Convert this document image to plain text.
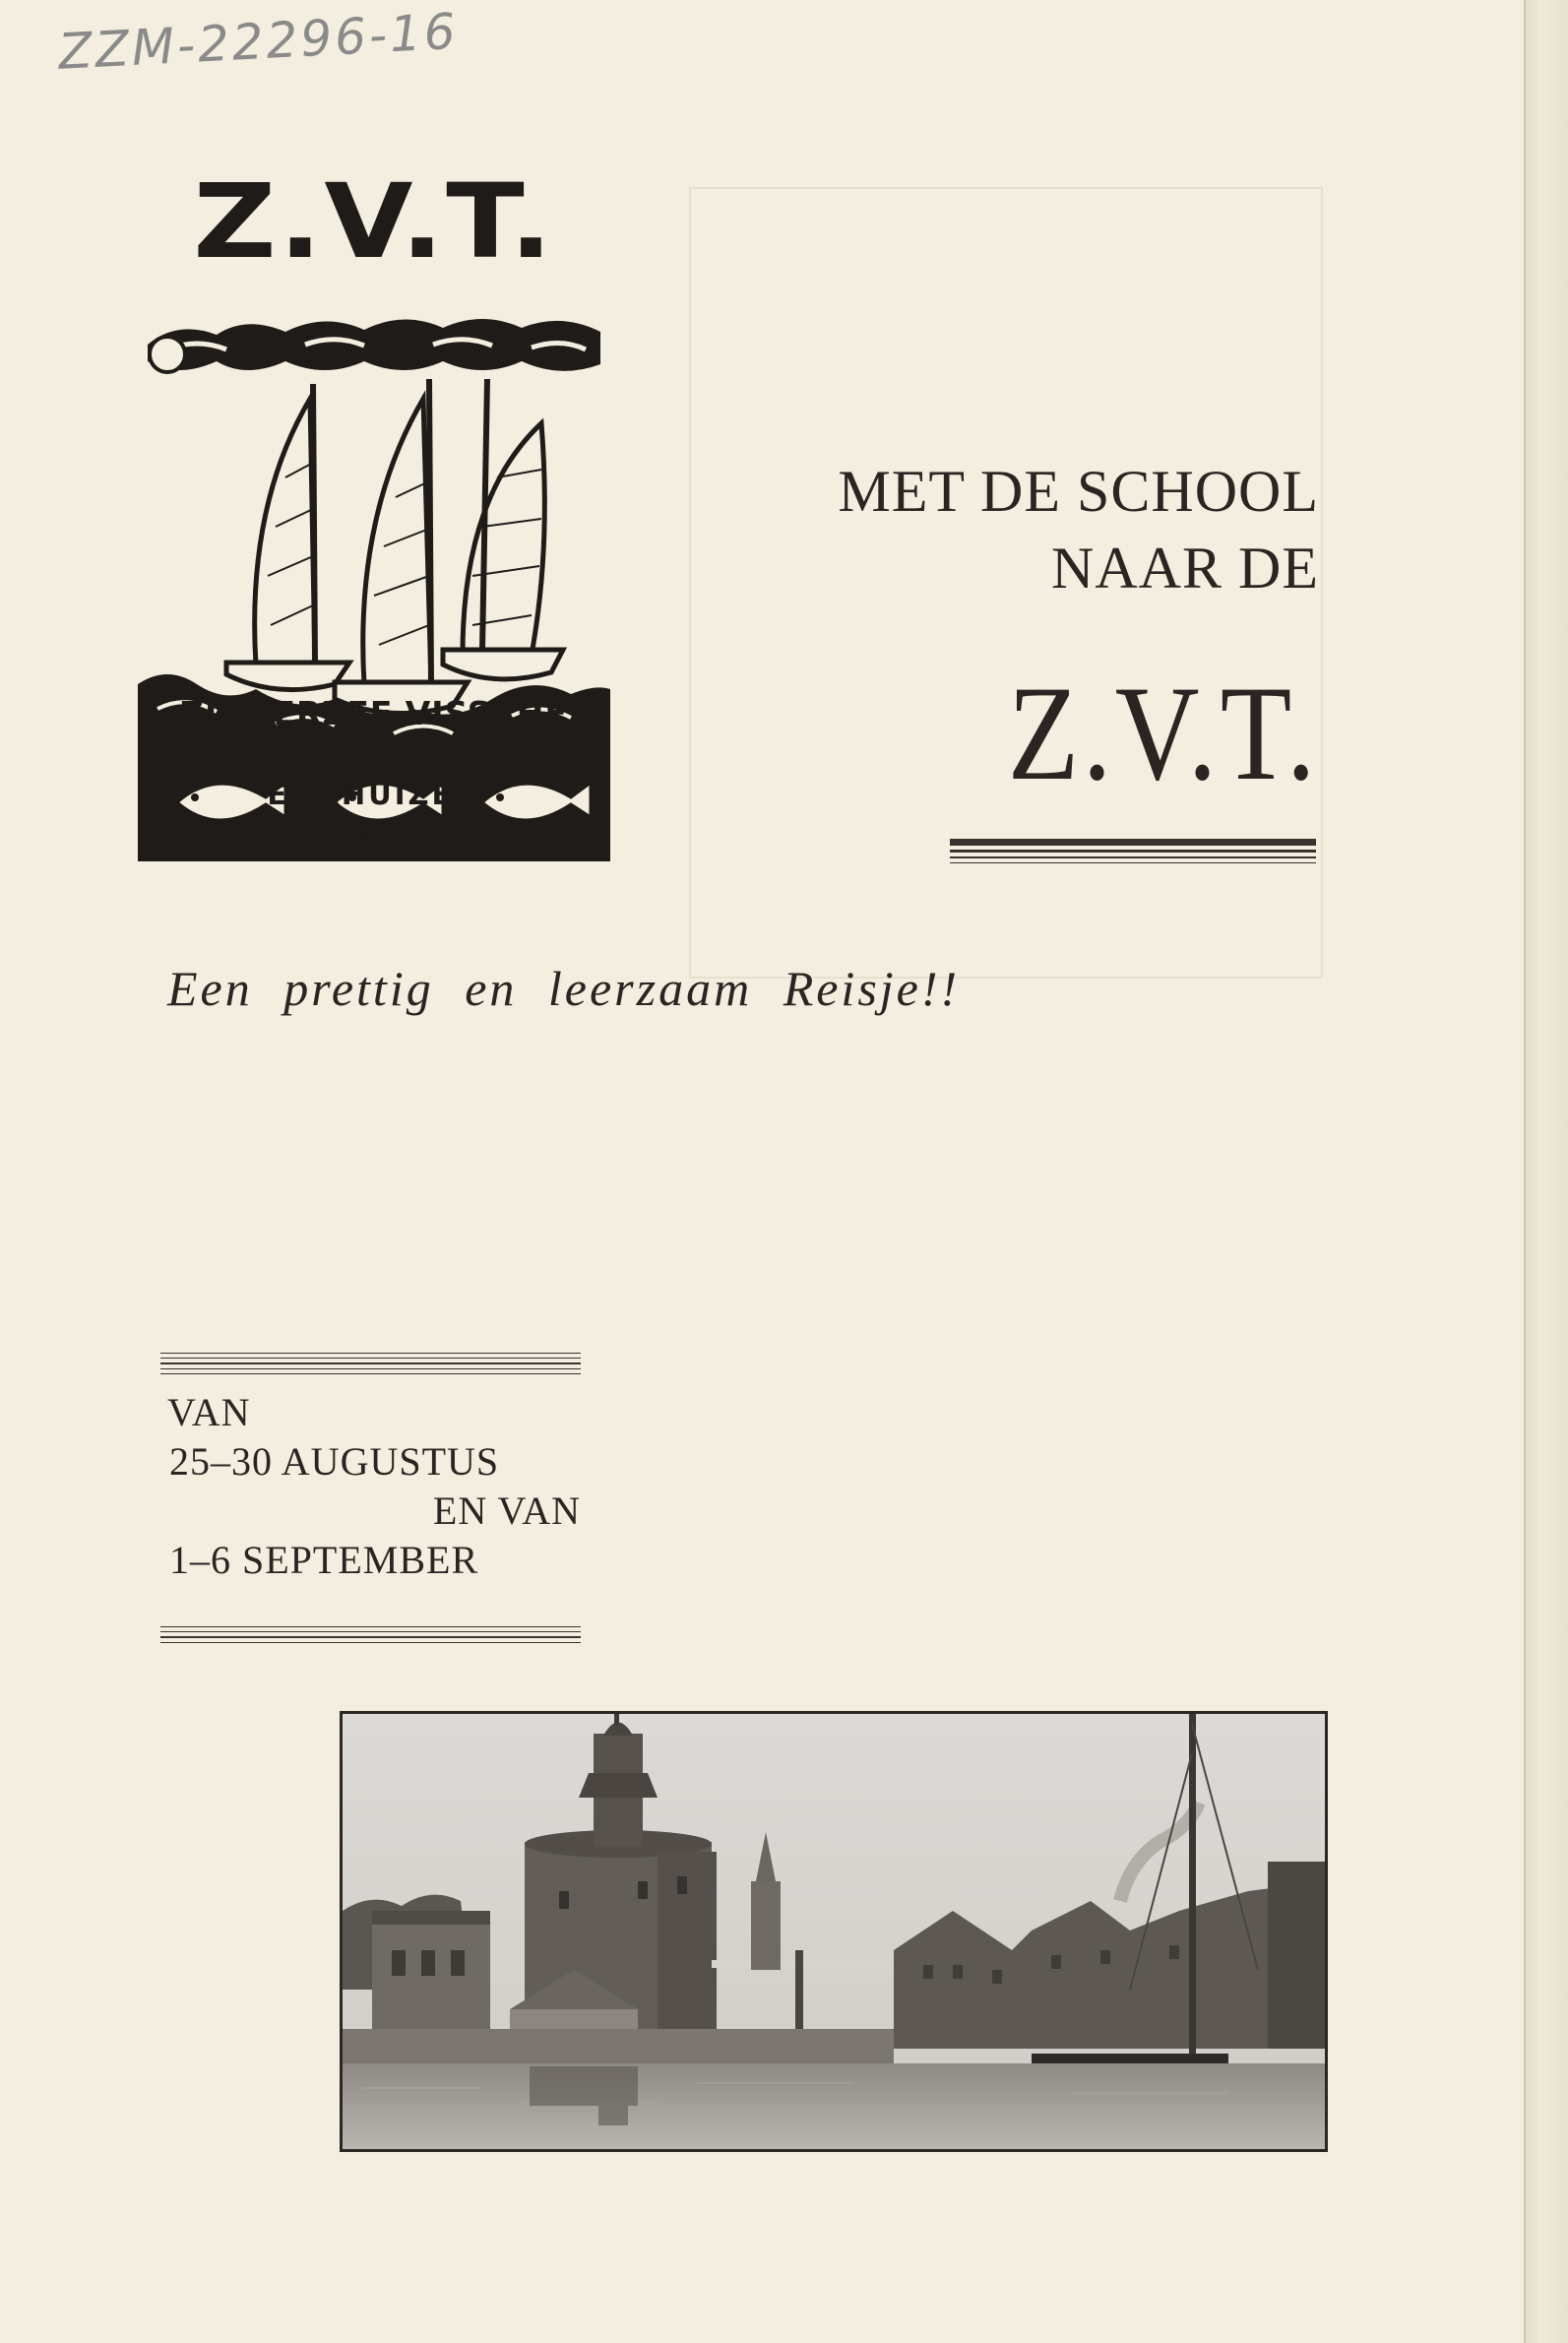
ZZM-22296-16
Z.V.T.
ZUIDERZEE-VISSCHE
RIJ-TENTOONSTELLING
ENKHUIZEN
AUG./SEPT. 1930
MET DE SCHOOL
NAAR DE
Z.V.T.
Een prettig en leerzaam Reisje!!
VAN
25–30 AUGUSTUS
EN VAN
1–6 SEPTEMBER
